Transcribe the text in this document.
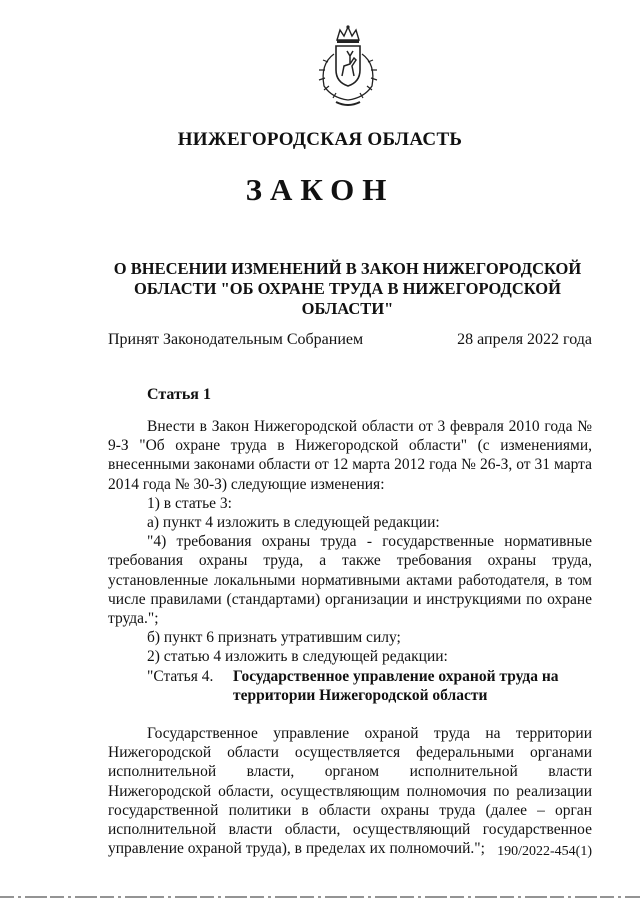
НИЖЕГОРОДСКАЯ ОБЛАСТЬ
ЗАКОН
О ВНЕСЕНИИ ИЗМЕНЕНИЙ В ЗАКОН НИЖЕГОРОДСКОЙ
ОБЛАСТИ "ОБ ОХРАНЕ ТРУДА В НИЖЕГОРОДСКОЙ ОБЛАСТИ"
Принят Законодательным Собранием	28 апреля 2022 года
Статья 1

Внести в Закон Нижегородской области от 3 февраля 2010 года № 9-З "Об охране труда в Нижегородской области" (с изменениями, внесенными законами области от 12 марта 2012 года № 26-З, от 31 марта 2014 года № 30-З) следующие изменения:

1) в статье 3:

а) пункт 4 изложить в следующей редакции:

"4) требования охраны труда - государственные нормативные требования охраны труда, а также требования охраны труда, установленные локальными нормативными актами работодателя, в том числе правилами (стандартами) организации и инструкциями по охране труда.";

б) пункт 6 признать утратившим силу;

2) статью 4 изложить в следующей редакции:

"Статья 4.	Государственное управление охраной труда на
территории Нижегородской области

Государственное управление охраной труда на территории Нижегородской области осуществляется федеральными органами исполнительной власти, органом исполнительной власти Нижегородской области, осуществляющим полномочия по реализации государственной политики в области охраны труда (далее – орган исполнительной власти области, осуществляющий государственное управление охраной труда), в пределах их полномочий."; 190/2022-454(1)
